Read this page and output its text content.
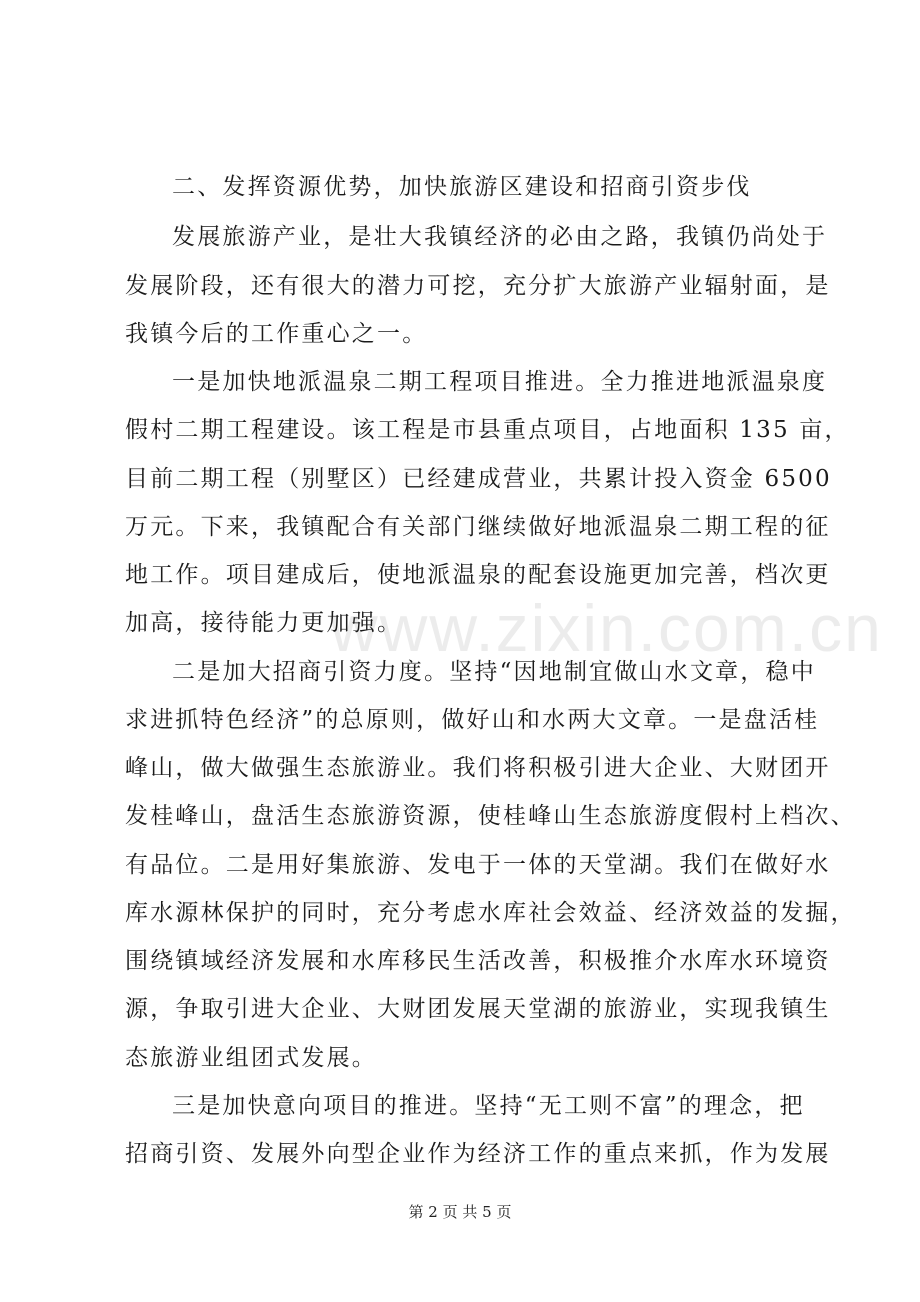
www.zixin.com.cn
二、发挥资源优势，加快旅游区建设和招商引资步伐
发展旅游产业，是壮大我镇经济的必由之路，我镇仍尚处于
发展阶段，还有很大的潜力可挖，充分扩大旅游产业辐射面，是
我镇今后的工作重心之一。
一是加快地派温泉二期工程项目推进。全力推进地派温泉度
假村二期工程建设。该工程是市县重点项目，占地面积 135 亩，
目前二期工程（别墅区）已经建成营业，共累计投入资金 6500
万元。下来，我镇配合有关部门继续做好地派温泉二期工程的征
地工作。项目建成后，使地派温泉的配套设施更加完善，档次更
加高，接待能力更加强。
二是加大招商引资力度。坚持“因地制宜做山水文章，稳中
求进抓特色经济”的总原则，做好山和水两大文章。一是盘活桂
峰山，做大做强生态旅游业。我们将积极引进大企业、大财团开
发桂峰山，盘活生态旅游资源，使桂峰山生态旅游度假村上档次、
有品位。二是用好集旅游、发电于一体的天堂湖。我们在做好水
库水源林保护的同时，充分考虑水库社会效益、经济效益的发掘，
围绕镇域经济发展和水库移民生活改善，积极推介水库水环境资
源，争取引进大企业、大财团发展天堂湖的旅游业，实现我镇生
态旅游业组团式发展。
三是加快意向项目的推进。坚持“无工则不富”的理念，把
招商引资、发展外向型企业作为经济工作的重点来抓，作为发展
第 2 页 共 5 页
